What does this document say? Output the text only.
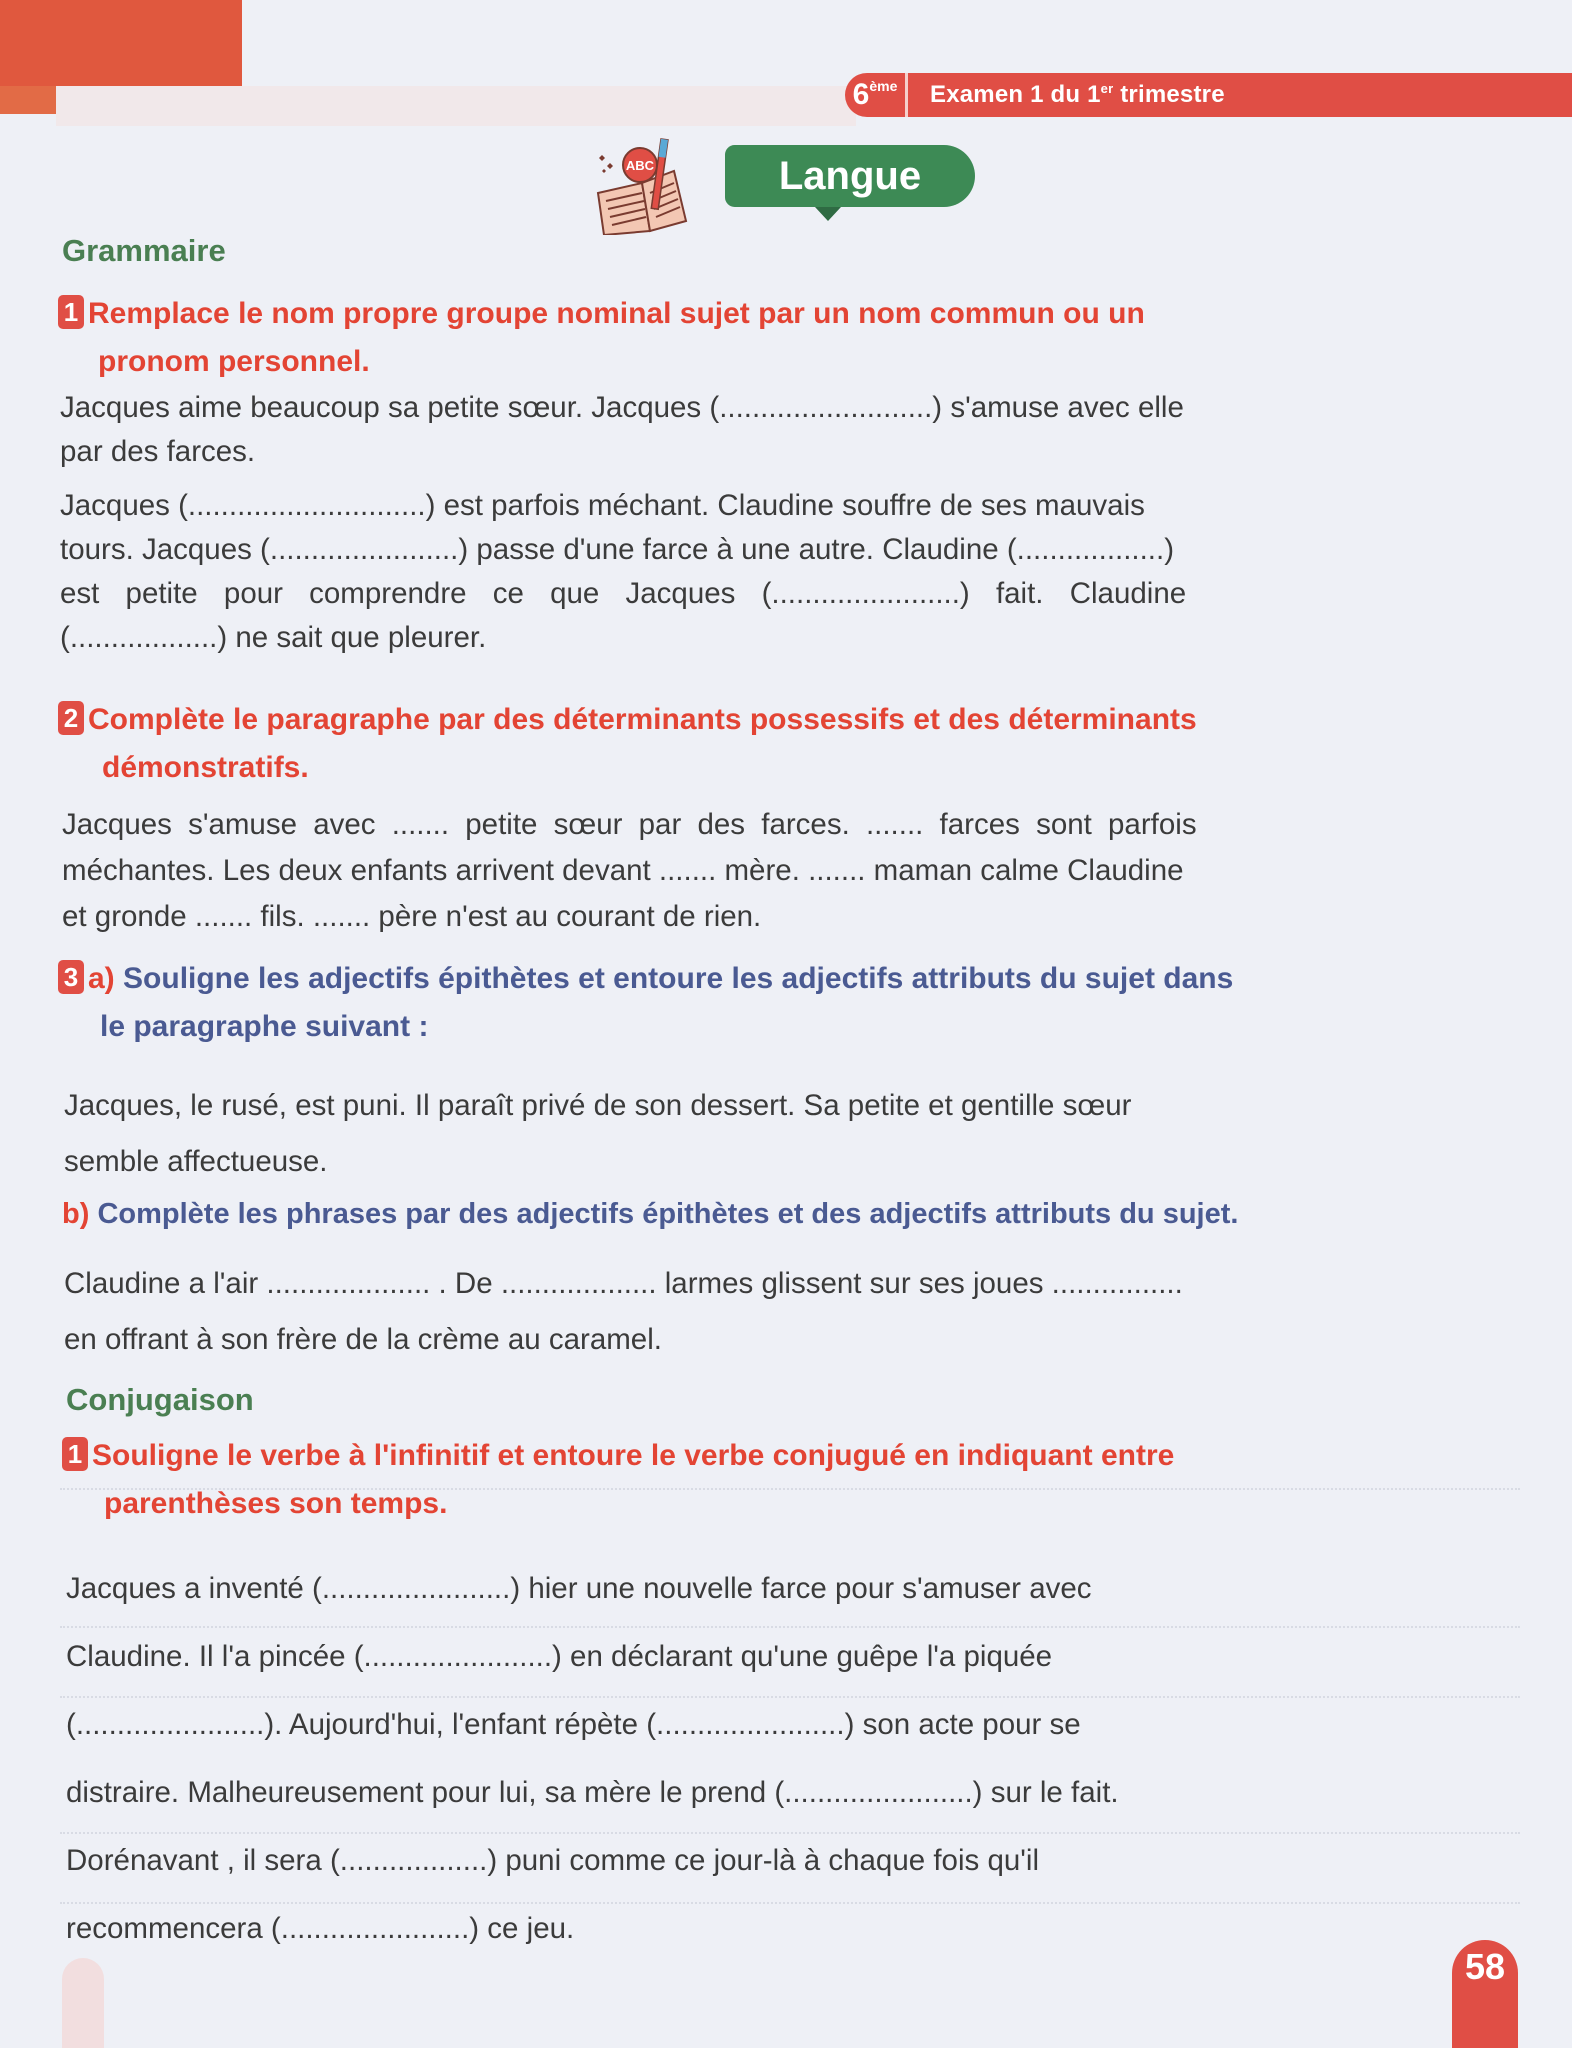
6ème	Examen 1 du 1er trimestre
ABC	Langue
Grammaire
1 Remplace le nom propre groupe nominal sujet par un nom commun ou un
pronom personnel.
Jacques aime beaucoup sa petite sœur. Jacques (..........................) s'amuse avec elle
par des farces.
Jacques (.............................) est parfois méchant. Claudine souffre de ses mauvais
tours. Jacques (.......................) passe d'une farce à une autre. Claudine (..................)
est petite pour comprendre ce que Jacques (.......................) fait. Claudine
(..................) ne sait que pleurer.
2 Complète le paragraphe par des déterminants possessifs et des déterminants
démonstratifs.
Jacques s'amuse avec ....... petite sœur par des farces. ....... farces sont parfois
méchantes. Les deux enfants arrivent devant ....... mère. ....... maman calme Claudine
et gronde ....... fils. ....... père n'est au courant de rien.
3 a) Souligne les adjectifs épithètes et entoure les adjectifs attributs du sujet dans
le paragraphe suivant :
Jacques, le rusé, est puni. Il paraît privé de son dessert. Sa petite et gentille sœur
semble affectueuse.
b) Complète les phrases par des adjectifs épithètes et des adjectifs attributs du sujet.
Claudine a l'air .................... . De ................... larmes glissent sur ses joues ................
en offrant à son frère de la crème au caramel.
Conjugaison
1 Souligne le verbe à l'infinitif et entoure le verbe conjugué en indiquant entre
parenthèses son temps.
Jacques a inventé (.......................) hier une nouvelle farce pour s'amuser avec
Claudine. Il l'a pincée (.......................) en déclarant qu'une guêpe l'a piquée
(.......................). Aujourd'hui, l'enfant répète (.......................) son acte pour se
distraire. Malheureusement pour lui, sa mère le prend (.......................) sur le fait.
Dorénavant , il sera (..................) puni comme ce jour-là à chaque fois qu'il
recommencera (.......................) ce jeu.
58
